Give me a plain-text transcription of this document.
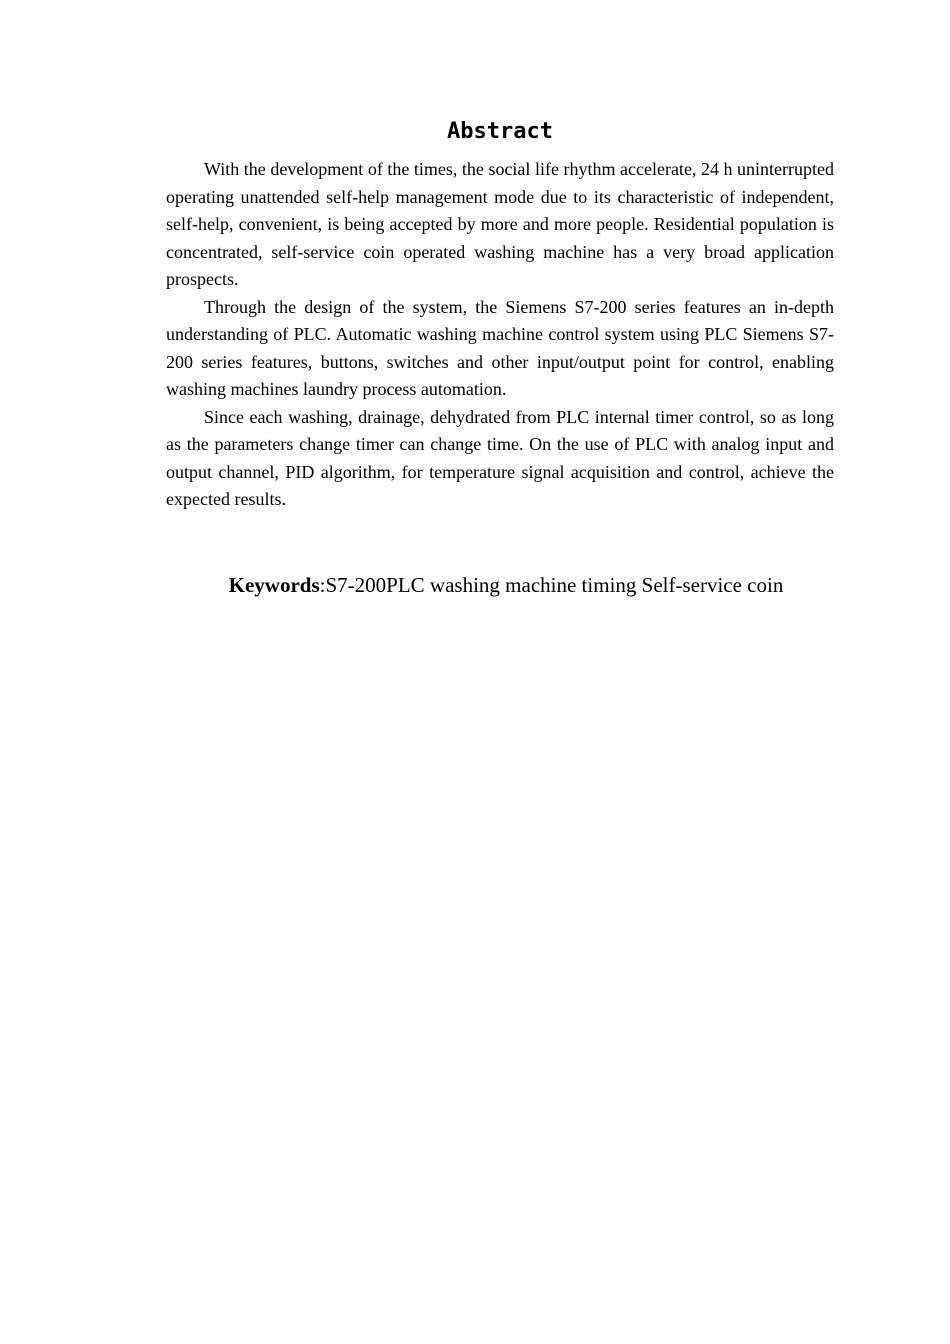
Abstract

With the development of the times, the social life rhythm accelerate, 24 h uninterrupted operating unattended self-help management mode due to its characteristic of independent, self-help, convenient, is being accepted by more and more people. Residential population is concentrated, self-service coin operated washing machine has a very broad application prospects.

Through the design of the system, the Siemens S7-200 series features an in-depth understanding of PLC. Automatic washing machine control system using PLC Siemens S7-200 series features, buttons, switches and other input/output point for control, enabling washing machines laundry process automation.

Since each washing, drainage, dehydrated from PLC internal timer control, so as long as the parameters change timer can change time. On the use of PLC with analog input and output channel, PID algorithm, for temperature signal acquisition and control, achieve the expected results.

Keywords:S7-200PLC washing machine timing Self-service coin
